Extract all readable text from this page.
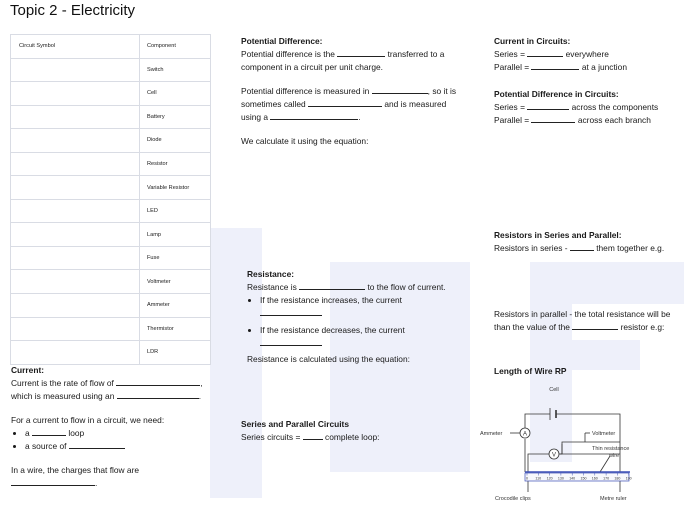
Topic 2 - Electricity
Circuit Symbol	Component
	Switch
	Cell
	Battery
	Diode
	Resistor
	Variable Resistor
	LED
	Lamp
	Fuse
	Voltmeter
	Ammeter
	Thermistor
	LDR

Current:

Current is the rate of flow of	,

which is measured using an	.

For a current to flow in a circuit, we need:

• a	loop
• a source of

In a wire, the charges that flow are

.

Potential Difference:

Potential difference is the	transferred to a

component in a circuit per unit charge.

Potential difference is measured in	, so it is

sometimes called	and is measured

using a	.

We calculate it using the equation:

Current in Circuits:

Series =	everywhere

Parallel =	at a junction

Potential Difference in Circuits:

Series =	across the components

Parallel =	across each branch

Resistors in Series and Parallel:

Resistors in series -	them together e.g.

Resistors in parallel - the total resistance will be

than the value of the	resistor e.g:

Resistance:

Resistance is	to the flow of current.

• If the resistance increases, the current

• If the resistance decreases, the current

Resistance is calculated using the equation:

Series and Parallel Circuits

Series circuits =	complete loop:

Length of Wire RP

A
V
0 110 120 130 140 150 160 170 180 190
Cell
Ammeter	Voltmeter
Thin resistance
wire
Crocodile clips	Metre ruler
